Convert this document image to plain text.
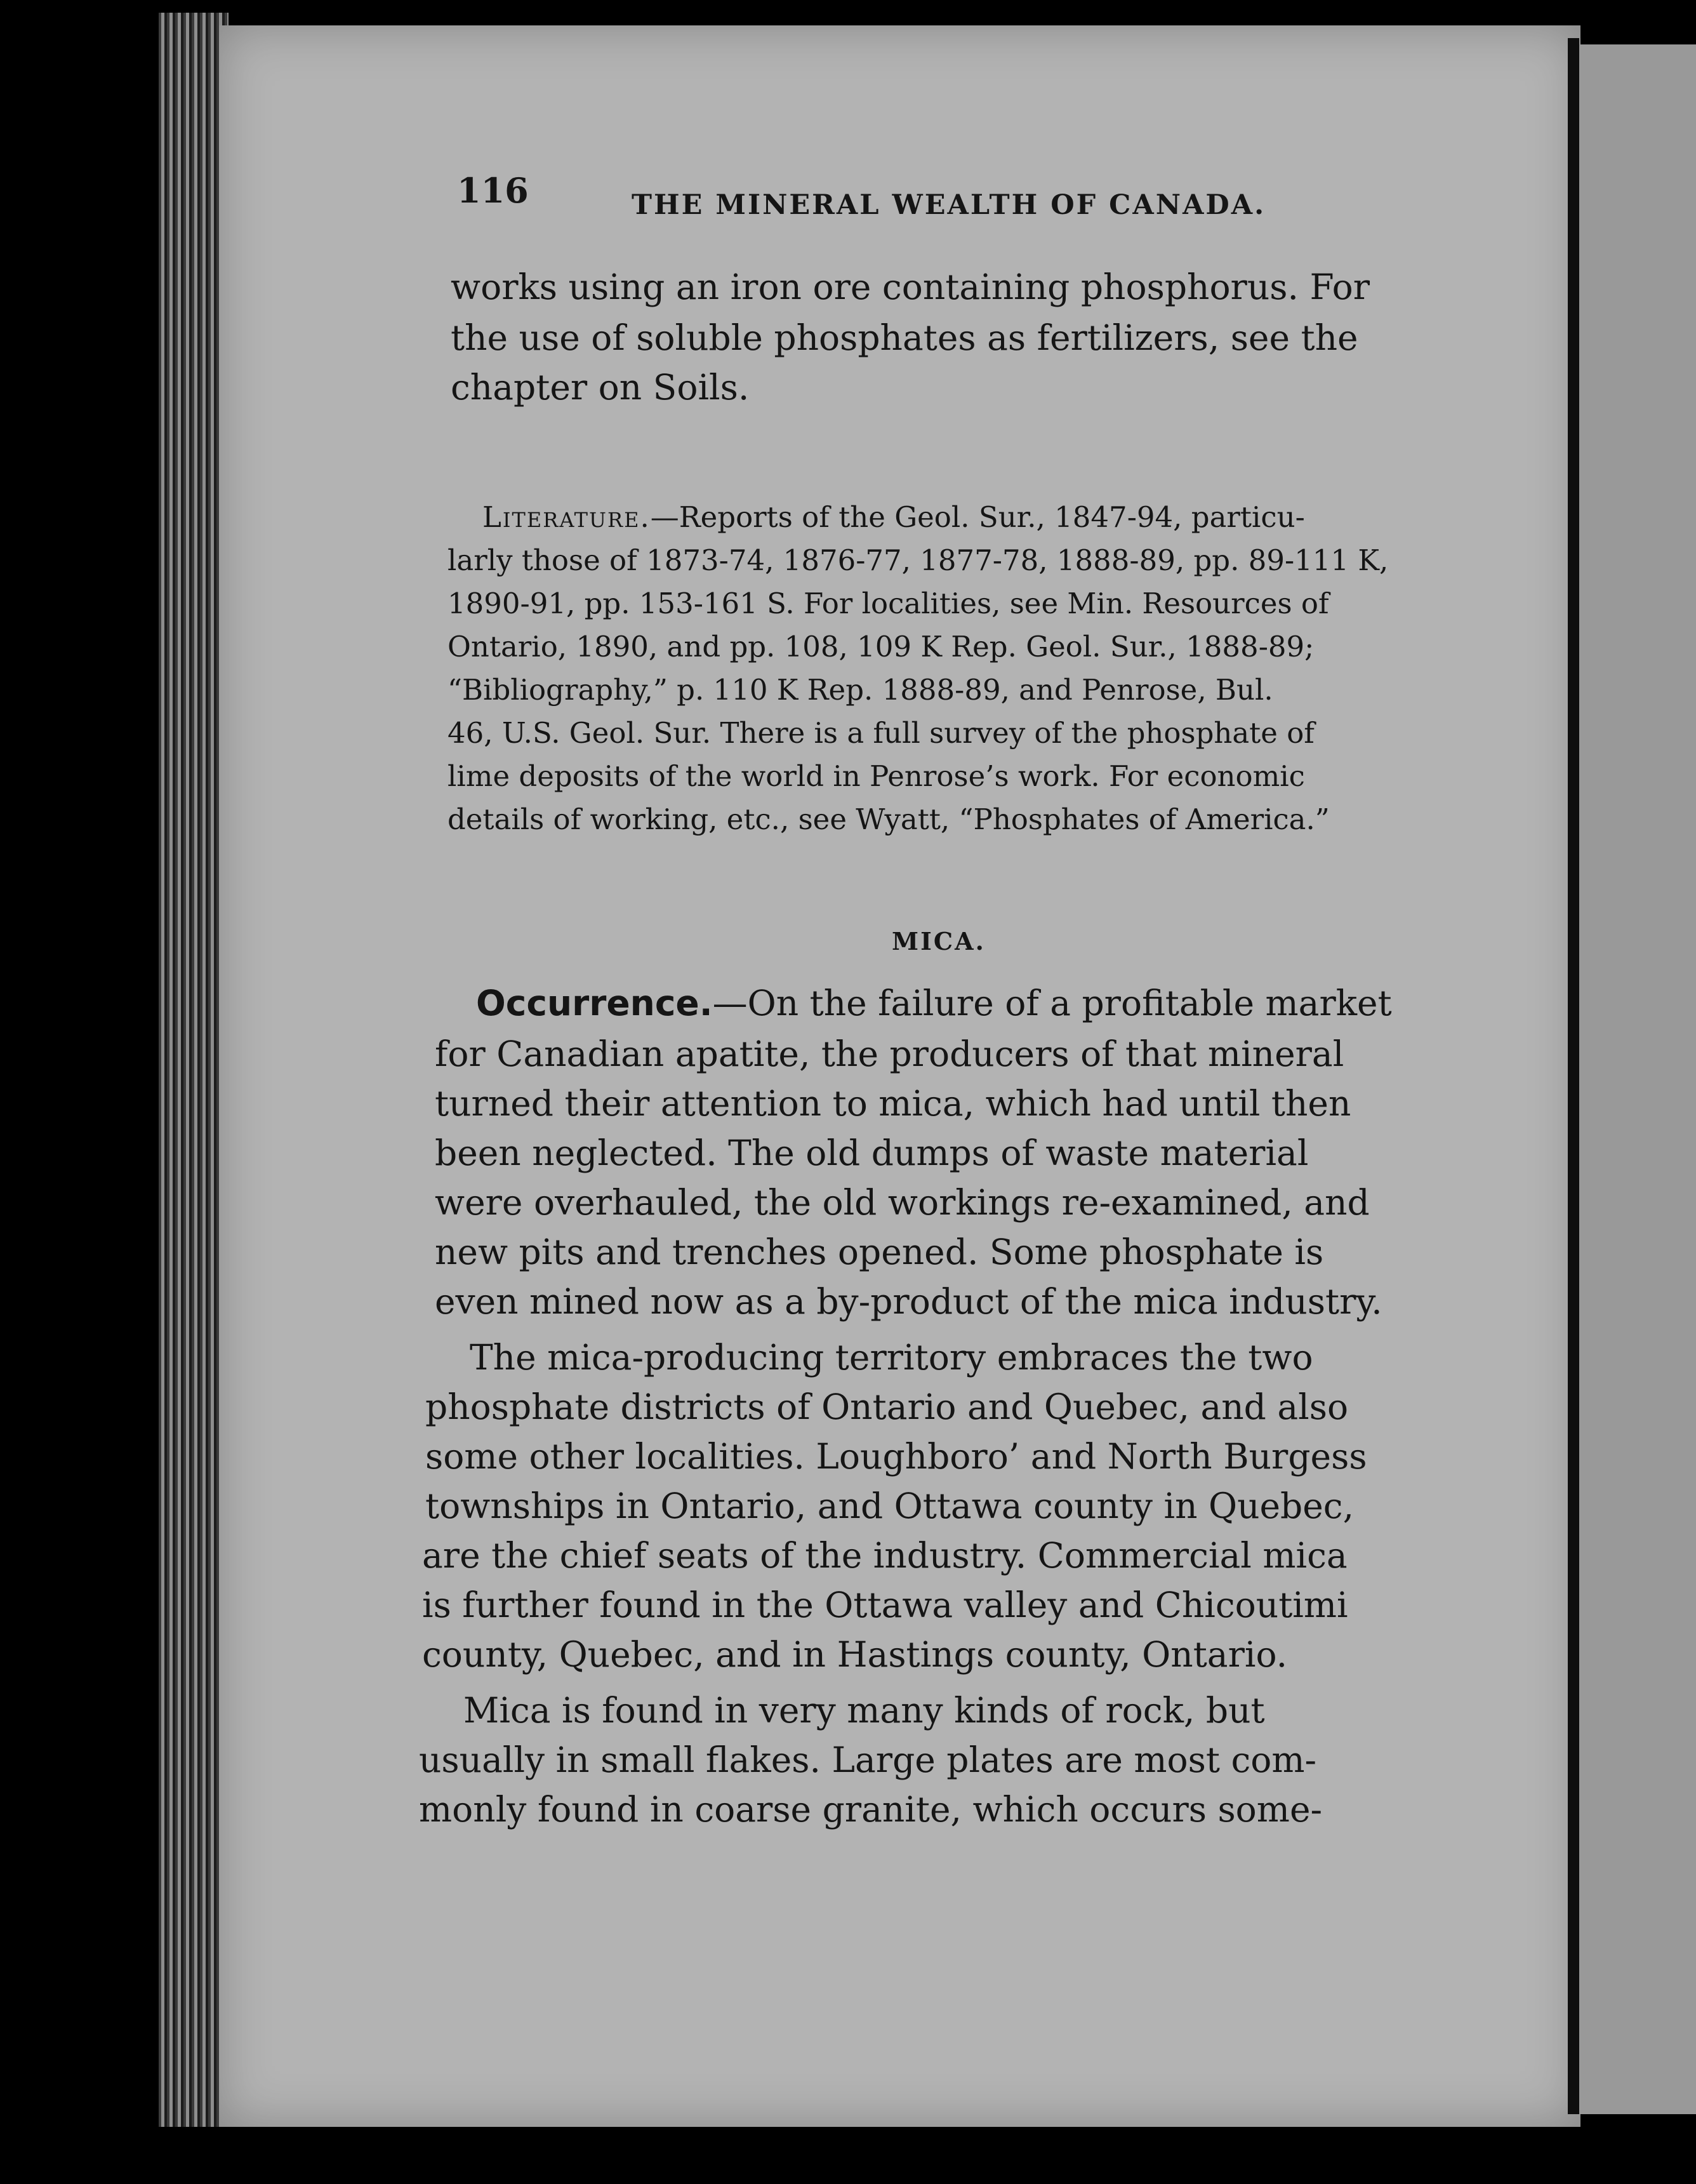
116	THE MINERAL WEALTH OF CANADA.
works using an iron ore containing phosphorus. For
the use of soluble phosphates as fertilizers, see the
chapter on Soils.
Literature.—Reports of the Geol. Sur., 1847-94, particu-
larly those of 1873-74, 1876-77, 1877-78, 1888-89, pp. 89-111 K,
1890-91, pp. 153-161 S. For localities, see Min. Resources of
Ontario, 1890, and pp. 108, 109 K Rep. Geol. Sur., 1888-89;
“Bibliography,” p. 110 K Rep. 1888-89, and Penrose, Bul.
46, U.S. Geol. Sur. There is a full survey of the phosphate of
lime deposits of the world in Penrose’s work. For economic
details of working, etc., see Wyatt, “Phosphates of America.”
MICA.
Occurrence.—On the failure of a profitable market
for Canadian apatite, the producers of that mineral
turned their attention to mica, which had until then
been neglected. The old dumps of waste material
were overhauled, the old workings re-examined, and
new pits and trenches opened. Some phosphate is
even mined now as a by-product of the mica industry.
The mica-producing territory embraces the two
phosphate districts of Ontario and Quebec, and also
some other localities. Loughboro’ and North Burgess
townships in Ontario, and Ottawa county in Quebec,
are the chief seats of the industry. Commercial mica
is further found in the Ottawa valley and Chicoutimi
county, Quebec, and in Hastings county, Ontario.
Mica is found in very many kinds of rock, but
usually in small flakes. Large plates are most com-
monly found in coarse granite, which occurs some-
